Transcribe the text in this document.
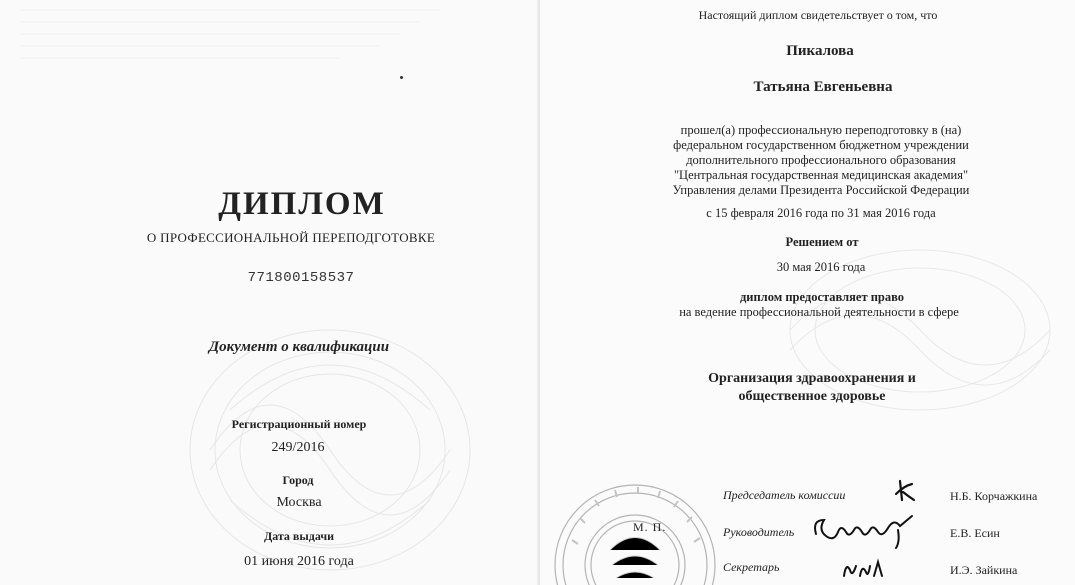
ДИПЛОМ
О ПРОФЕССИОНАЛЬНОЙ ПЕРЕПОДГОТОВКЕ
771800158537
Документ о квалификации
Регистрационный номер
249/2016
Город
Москва
Дата выдачи
01 июня 2016 года
Настоящий диплом свидетельствует о том, что
Пикалова
Татьяна Евгеньевна
прошел(а) профессиональную переподготовку в (на)
федеральном государственном бюджетном учреждении
дополнительного профессионального образования
"Центральная государственная медицинская академия"
Управления делами Президента Российской Федерации
с 15 февраля 2016 года по 31 мая 2016 года
Решением от
30 мая 2016 года
диплом предоставляет право
на ведение профессиональной деятельности в сфере
Организация здравоохранения и
общественное здоровье
М. П.
Председатель комиссии	Н.Б. Корчажкина
Руководитель	Е.В. Есин
Секретарь	И.Э. Зайкина
